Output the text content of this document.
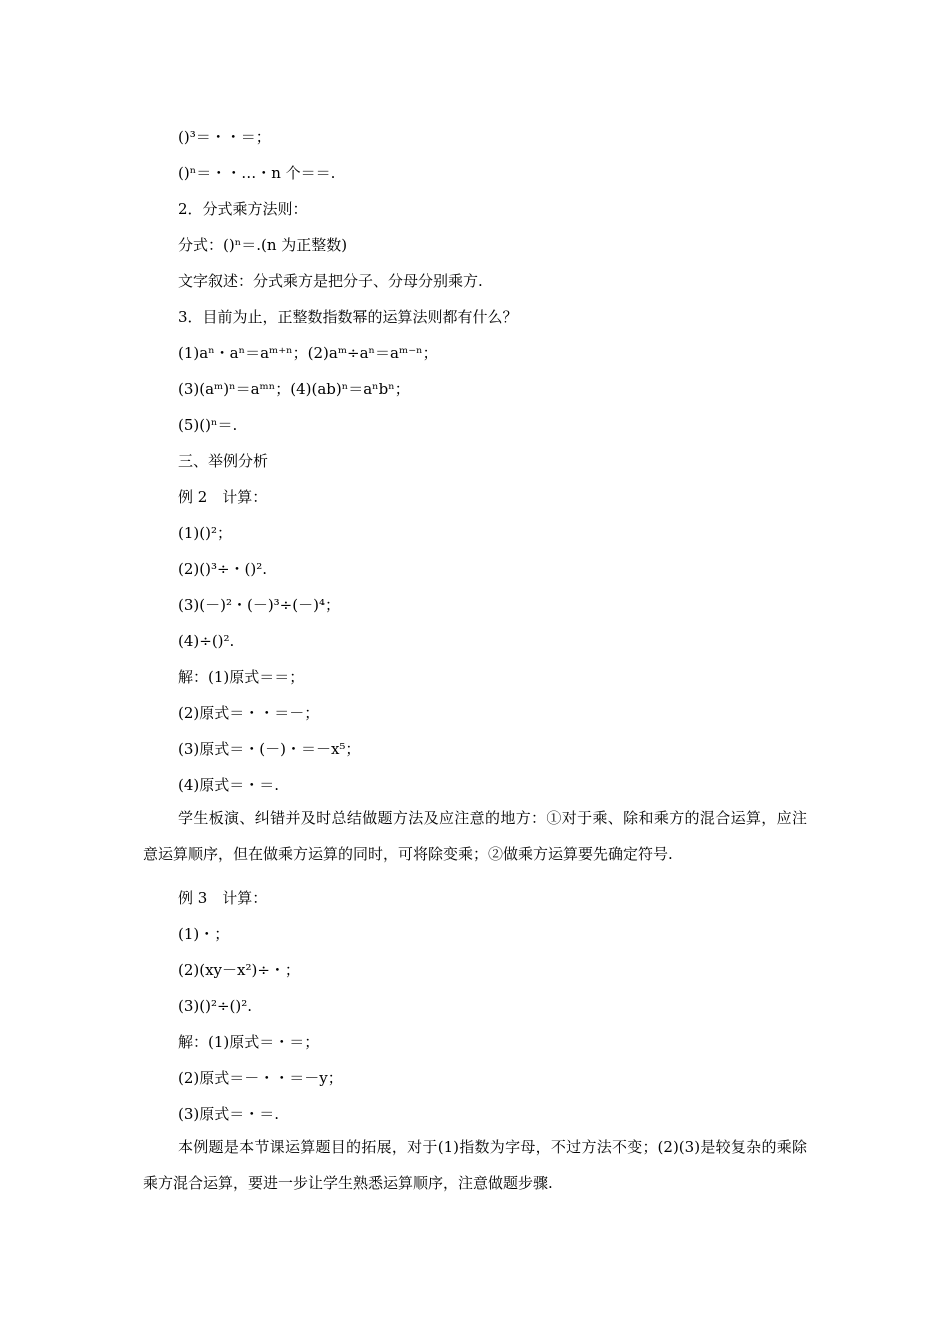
()³＝・・＝；
()ⁿ＝・・…・n 个＝＝.
2．分式乘方法则：
分式：()ⁿ＝.(n 为正整数)
文字叙述：分式乘方是把分子、分母分别乘方.
3．目前为止，正整数指数幂的运算法则都有什么？
(1)aⁿ・aⁿ＝aᵐ⁺ⁿ；(2)aᵐ÷aⁿ＝aᵐ⁻ⁿ；
(3)(aᵐ)ⁿ＝aᵐⁿ；(4)(ab)ⁿ＝aⁿbⁿ；
(5)()ⁿ＝.
三、举例分析
例 2　计算：
(1)()²；
(2)()³÷・()².
(3)(－)²・(－)³÷(－)⁴；
(4)÷()².
解：(1)原式＝＝；
(2)原式＝・・＝－；
(3)原式＝・(－)・＝－x⁵；
(4)原式＝・＝.
学生板演、纠错并及时总结做题方法及应注意的地方：①对于乘、除和乘方的混合运算，应注意运算顺序，但在做乘方运算的同时，可将除变乘；②做乘方运算要先确定符号.
例 3　计算：
(1)・；
(2)(xy－x²)÷・；
(3)()²÷()².
解：(1)原式＝・＝；
(2)原式＝－・・＝－y；
(3)原式＝・＝.
本例题是本节课运算题目的拓展，对于(1)指数为字母，不过方法不变；(2)(3)是较复杂的乘除乘方混合运算，要进一步让学生熟悉运算顺序，注意做题步骤.
